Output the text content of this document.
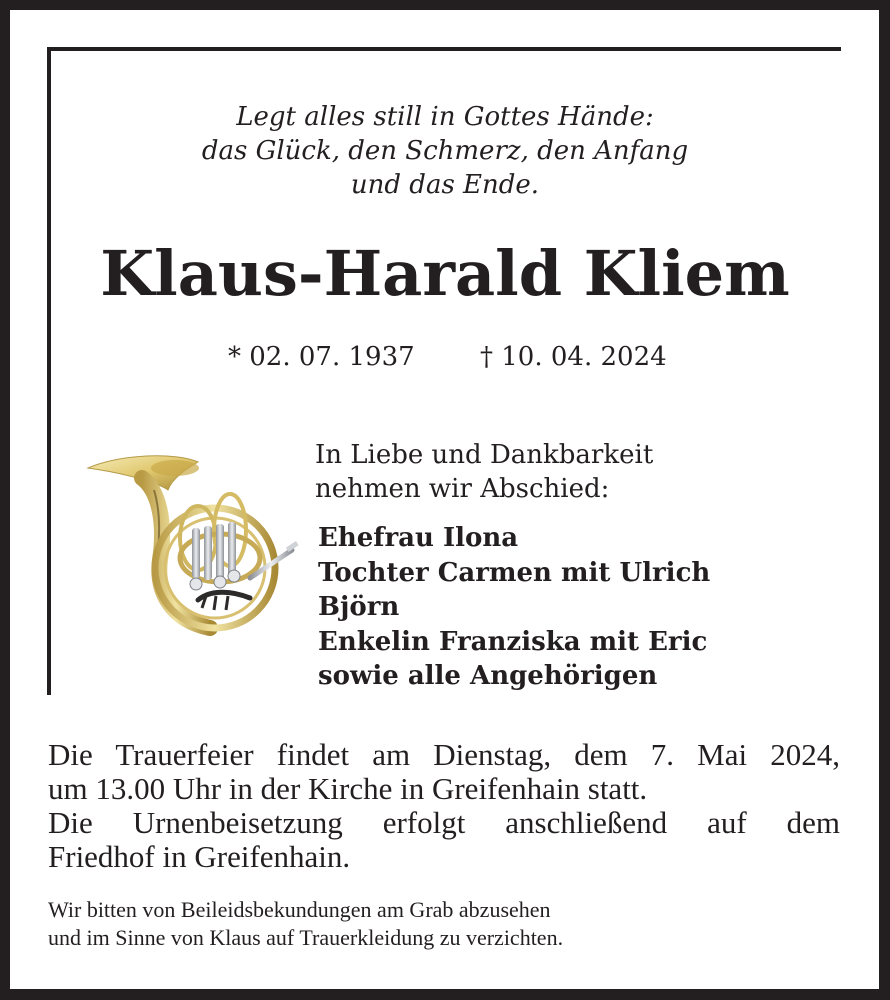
Legt alles still in Gottes Hände:
das Glück, den Schmerz, den Anfang
und das Ende.
Klaus-Harald Kliem
* 02. 07. 1937	† 10. 04. 2024
In Liebe und Dankbarkeit
nehmen wir Abschied:
Ehefrau Ilona
Tochter Carmen mit Ulrich
Björn
Enkelin Franziska mit Eric
sowie alle Angehörigen
Die Trauerfeier findet am Dienstag, dem 7. Mai 2024,
um 13.00 Uhr in der Kirche in Greifenhain statt.
Die Urnenbeisetzung erfolgt anschließend auf dem
Friedhof in Greifenhain.
Wir bitten von Beileidsbekundungen am Grab abzusehen
und im Sinne von Klaus auf Trauerkleidung zu verzichten.
